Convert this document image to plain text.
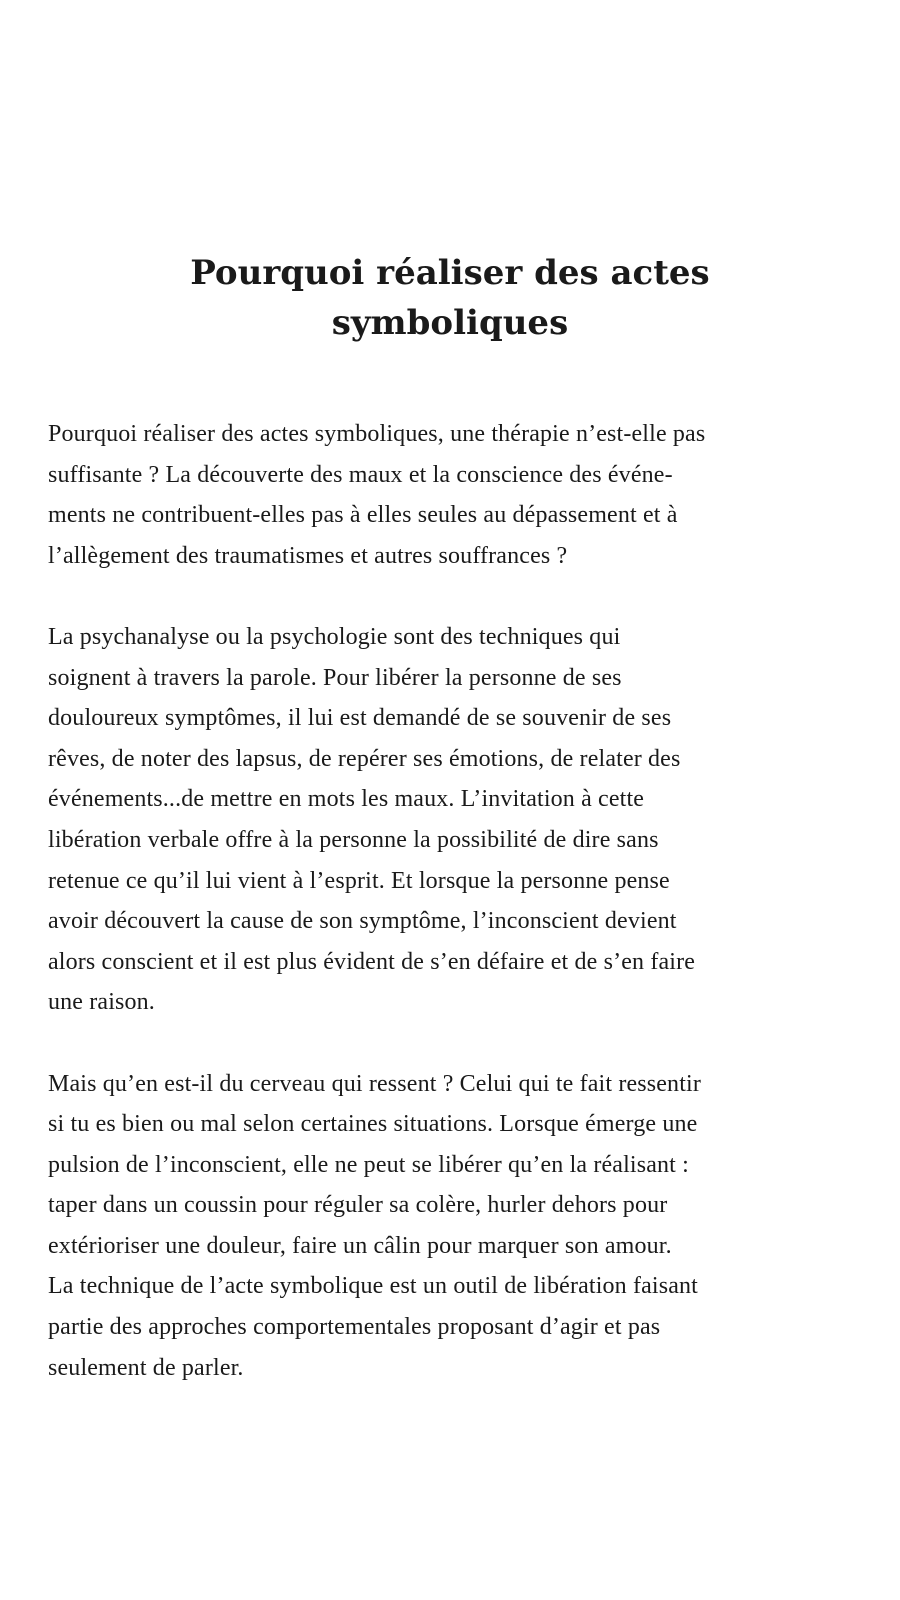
Pourquoi réaliser des actes
symboliques

Pourquoi réaliser des actes symboliques, une thérapie n’est-elle pas
suffisante ? La découverte des maux et la conscience des événe-
ments ne contribuent-elles pas à elles seules au dépassement et à
l’allègement des traumatismes et autres souffrances ?

La psychanalyse ou la psychologie sont des techniques qui
soignent à travers la parole. Pour libérer la personne de ses
douloureux symptômes, il lui est demandé de se souvenir de ses
rêves, de noter des lapsus, de repérer ses émotions, de relater des
événements...de mettre en mots les maux. L’invitation à cette
libération verbale offre à la personne la possibilité de dire sans
retenue ce qu’il lui vient à l’esprit. Et lorsque la personne pense
avoir découvert la cause de son symptôme, l’inconscient devient
alors conscient et il est plus évident de s’en défaire et de s’en faire
une raison.

Mais qu’en est-il du cerveau qui ressent ? Celui qui te fait ressentir
si tu es bien ou mal selon certaines situations. Lorsque émerge une
pulsion de l’inconscient, elle ne peut se libérer qu’en la réalisant :
taper dans un coussin pour réguler sa colère, hurler dehors pour
extérioriser une douleur, faire un câlin pour marquer son amour.
La technique de l’acte symbolique est un outil de libération faisant
partie des approches comportementales proposant d’agir et pas
seulement de parler.
